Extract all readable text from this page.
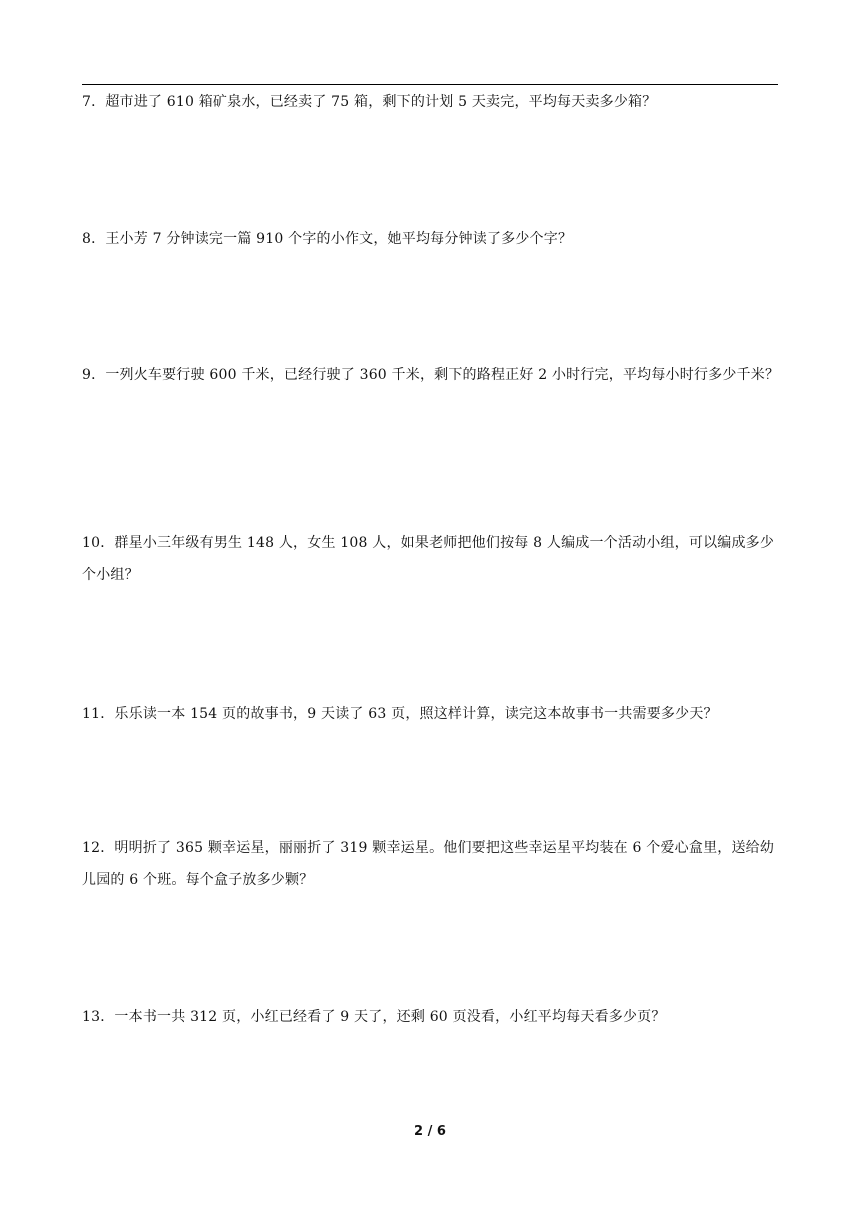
7．超市进了 610 箱矿泉水，已经卖了 75 箱，剩下的计划 5 天卖完，平均每天卖多少箱？

8．王小芳 7 分钟读完一篇 910 个字的小作文，她平均每分钟读了多少个字？

9．一列火车要行驶 600 千米，已经行驶了 360 千米，剩下的路程正好 2 小时行完，平均每小时行多少千米？

10．群星小三年级有男生 148 人，女生 108 人，如果老师把他们按每 8 人编成一个活动小组，可以编成多少个小组？

11．乐乐读一本 154 页的故事书，9 天读了 63 页，照这样计算，读完这本故事书一共需要多少天？

12．明明折了 365 颗幸运星，丽丽折了 319 颗幸运星。他们要把这些幸运星平均装在 6 个爱心盒里，送给幼儿园的 6 个班。每个盒子放多少颗？

13．一本书一共 312 页，小红已经看了 9 天了，还剩 60 页没看，小红平均每天看多少页？

2 / 6
